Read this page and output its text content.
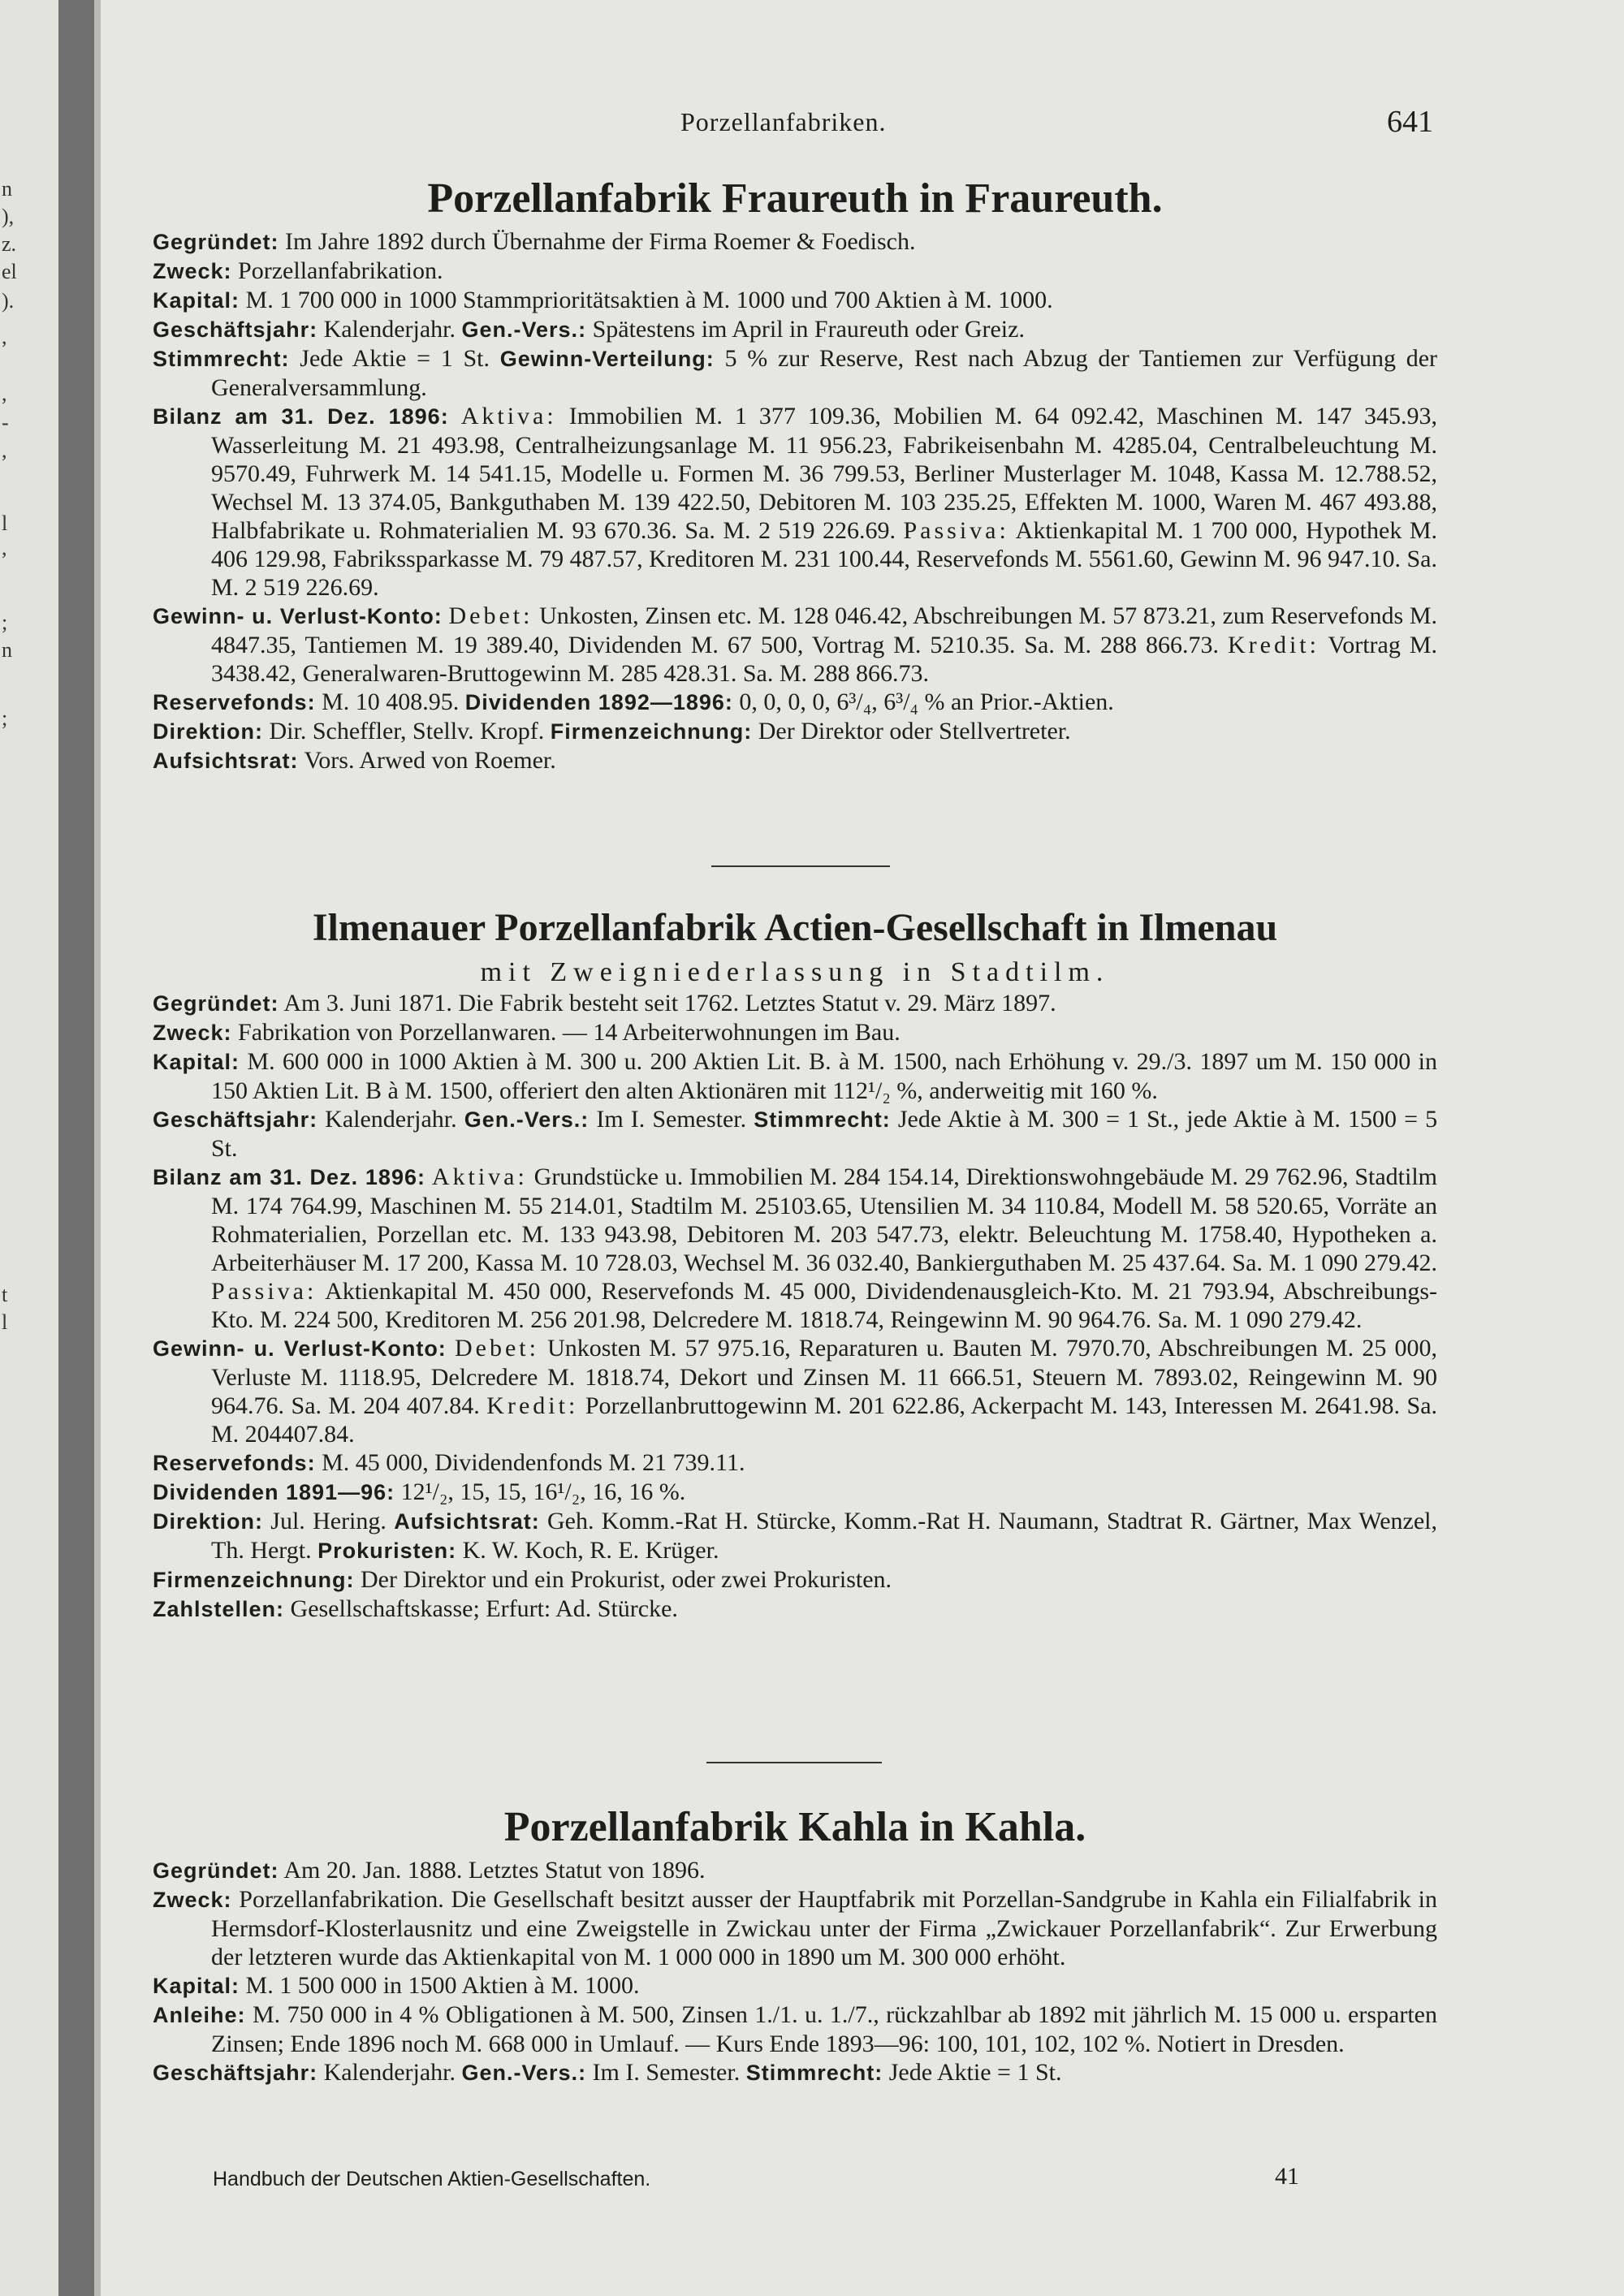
n
),
z.
el
).
,
,
-
,
l
,
;
n
;
t
l
Porzellanfabriken.	641
Porzellanfabrik Fraureuth in Fraureuth.

Gegründet: Im Jahre 1892 durch Übernahme der Firma Roemer & Foedisch.

Zweck: Porzellanfabrikation.

Kapital: M. 1 700 000 in 1000 Stammprioritätsaktien à M. 1000 und 700 Aktien à M. 1000.

Geschäftsjahr: Kalenderjahr. Gen.-Vers.: Spätestens im April in Fraureuth oder Greiz.

Stimmrecht: Jede Aktie = 1 St. Gewinn-Verteilung: 5 % zur Reserve, Rest nach Abzug der Tantiemen zur Verfügung der Generalversammlung.

Bilanz am 31. Dez. 1896: Aktiva: Immobilien M. 1 377 109.36, Mobilien M. 64 092.42, Maschinen M. 147 345.93, Wasserleitung M. 21 493.98, Centralheizungsanlage M. 11 956.23, Fabrikeisenbahn M. 4285.04, Centralbeleuchtung M. 9570.49, Fuhrwerk M. 14 541.15, Modelle u. Formen M. 36 799.53, Berliner Musterlager M. 1048, Kassa M. 12.788.52, Wechsel M. 13 374.05, Bankguthaben M. 139 422.50, Debitoren M. 103 235.25, Effekten M. 1000, Waren M. 467 493.88, Halbfabrikate u. Rohmaterialien M. 93 670.36. Sa. M. 2 519 226.69. Passiva: Aktienkapital M. 1 700 000, Hypothek M. 406 129.98, Fabrikssparkasse M. 79 487.57, Kreditoren M. 231 100.44, Reservefonds M. 5561.60, Gewinn M. 96 947.10. Sa. M. 2 519 226.69.

Gewinn- u. Verlust-Konto: Debet: Unkosten, Zinsen etc. M. 128 046.42, Abschreibungen M. 57 873.21, zum Reservefonds M. 4847.35, Tantiemen M. 19 389.40, Dividenden M. 67 500, Vortrag M. 5210.35. Sa. M. 288 866.73. Kredit: Vortrag M. 3438.42, Generalwaren-Bruttogewinn M. 285 428.31. Sa. M. 288 866.73.

Reservefonds: M. 10 408.95. Dividenden 1892—1896: 0, 0, 0, 0, 6³/₄, 6³/₄ % an Prior.-Aktien.

Direktion: Dir. Scheffler, Stellv. Kropf. Firmenzeichnung: Der Direktor oder Stellvertreter.

Aufsichtsrat: Vors. Arwed von Roemer.

Ilmenauer Porzellanfabrik Actien-Gesellschaft in Ilmenau
mit Zweigniederlassung in Stadtilm.

Gegründet: Am 3. Juni 1871. Die Fabrik besteht seit 1762. Letztes Statut v. 29. März 1897.

Zweck: Fabrikation von Porzellanwaren. — 14 Arbeiterwohnungen im Bau.

Kapital: M. 600 000 in 1000 Aktien à M. 300 u. 200 Aktien Lit. B. à M. 1500, nach Erhöhung v. 29./3. 1897 um M. 150 000 in 150 Aktien Lit. B à M. 1500, offeriert den alten Aktionären mit 112¹/₂ %, anderweitig mit 160 %.

Geschäftsjahr: Kalenderjahr. Gen.-Vers.: Im I. Semester. Stimmrecht: Jede Aktie à M. 300 = 1 St., jede Aktie à M. 1500 = 5 St.

Bilanz am 31. Dez. 1896: Aktiva: Grundstücke u. Immobilien M. 284 154.14, Direktionswohngebäude M. 29 762.96, Stadtilm M. 174 764.99, Maschinen M. 55 214.01, Stadtilm M. 25103.65, Utensilien M. 34 110.84, Modell M. 58 520.65, Vorräte an Rohmaterialien, Porzellan etc. M. 133 943.98, Debitoren M. 203 547.73, elektr. Beleuchtung M. 1758.40, Hypotheken a. Arbeiterhäuser M. 17 200, Kassa M. 10 728.03, Wechsel M. 36 032.40, Bankierguthaben M. 25 437.64. Sa. M. 1 090 279.42. Passiva: Aktienkapital M. 450 000, Reservefonds M. 45 000, Dividendenausgleich-Kto. M. 21 793.94, Abschreibungs-Kto. M. 224 500, Kreditoren M. 256 201.98, Delcredere M. 1818.74, Reingewinn M. 90 964.76. Sa. M. 1 090 279.42.

Gewinn- u. Verlust-Konto: Debet: Unkosten M. 57 975.16, Reparaturen u. Bauten M. 7970.70, Abschreibungen M. 25 000, Verluste M. 1118.95, Delcredere M. 1818.74, Dekort und Zinsen M. 11 666.51, Steuern M. 7893.02, Reingewinn M. 90 964.76. Sa. M. 204 407.84. Kredit: Porzellanbruttogewinn M. 201 622.86, Ackerpacht M. 143, Interessen M. 2641.98. Sa. M. 204407.84.

Reservefonds: M. 45 000, Dividendenfonds M. 21 739.11.

Dividenden 1891—96: 12¹/₂, 15, 15, 16¹/₂, 16, 16 %.

Direktion: Jul. Hering. Aufsichtsrat: Geh. Komm.-Rat H. Stürcke, Komm.-Rat H. Naumann, Stadtrat R. Gärtner, Max Wenzel, Th. Hergt. Prokuristen: K. W. Koch, R. E. Krüger.

Firmenzeichnung: Der Direktor und ein Prokurist, oder zwei Prokuristen.

Zahlstellen: Gesellschaftskasse; Erfurt: Ad. Stürcke.

Porzellanfabrik Kahla in Kahla.

Gegründet: Am 20. Jan. 1888. Letztes Statut von 1896.

Zweck: Porzellanfabrikation. Die Gesellschaft besitzt ausser der Hauptfabrik mit Porzellan-Sandgrube in Kahla ein Filialfabrik in Hermsdorf-Klosterlausnitz und eine Zweigstelle in Zwickau unter der Firma „Zwickauer Porzellanfabrik“. Zur Erwerbung der letzteren wurde das Aktienkapital von M. 1 000 000 in 1890 um M. 300 000 erhöht.

Kapital: M. 1 500 000 in 1500 Aktien à M. 1000.

Anleihe: M. 750 000 in 4 % Obligationen à M. 500, Zinsen 1./1. u. 1./7., rückzahlbar ab 1892 mit jährlich M. 15 000 u. ersparten Zinsen; Ende 1896 noch M. 668 000 in Umlauf. — Kurs Ende 1893—96: 100, 101, 102, 102 %. Notiert in Dresden.

Geschäftsjahr: Kalenderjahr. Gen.-Vers.: Im I. Semester. Stimmrecht: Jede Aktie = 1 St.

Handbuch der Deutschen Aktien-Gesellschaften.	41
